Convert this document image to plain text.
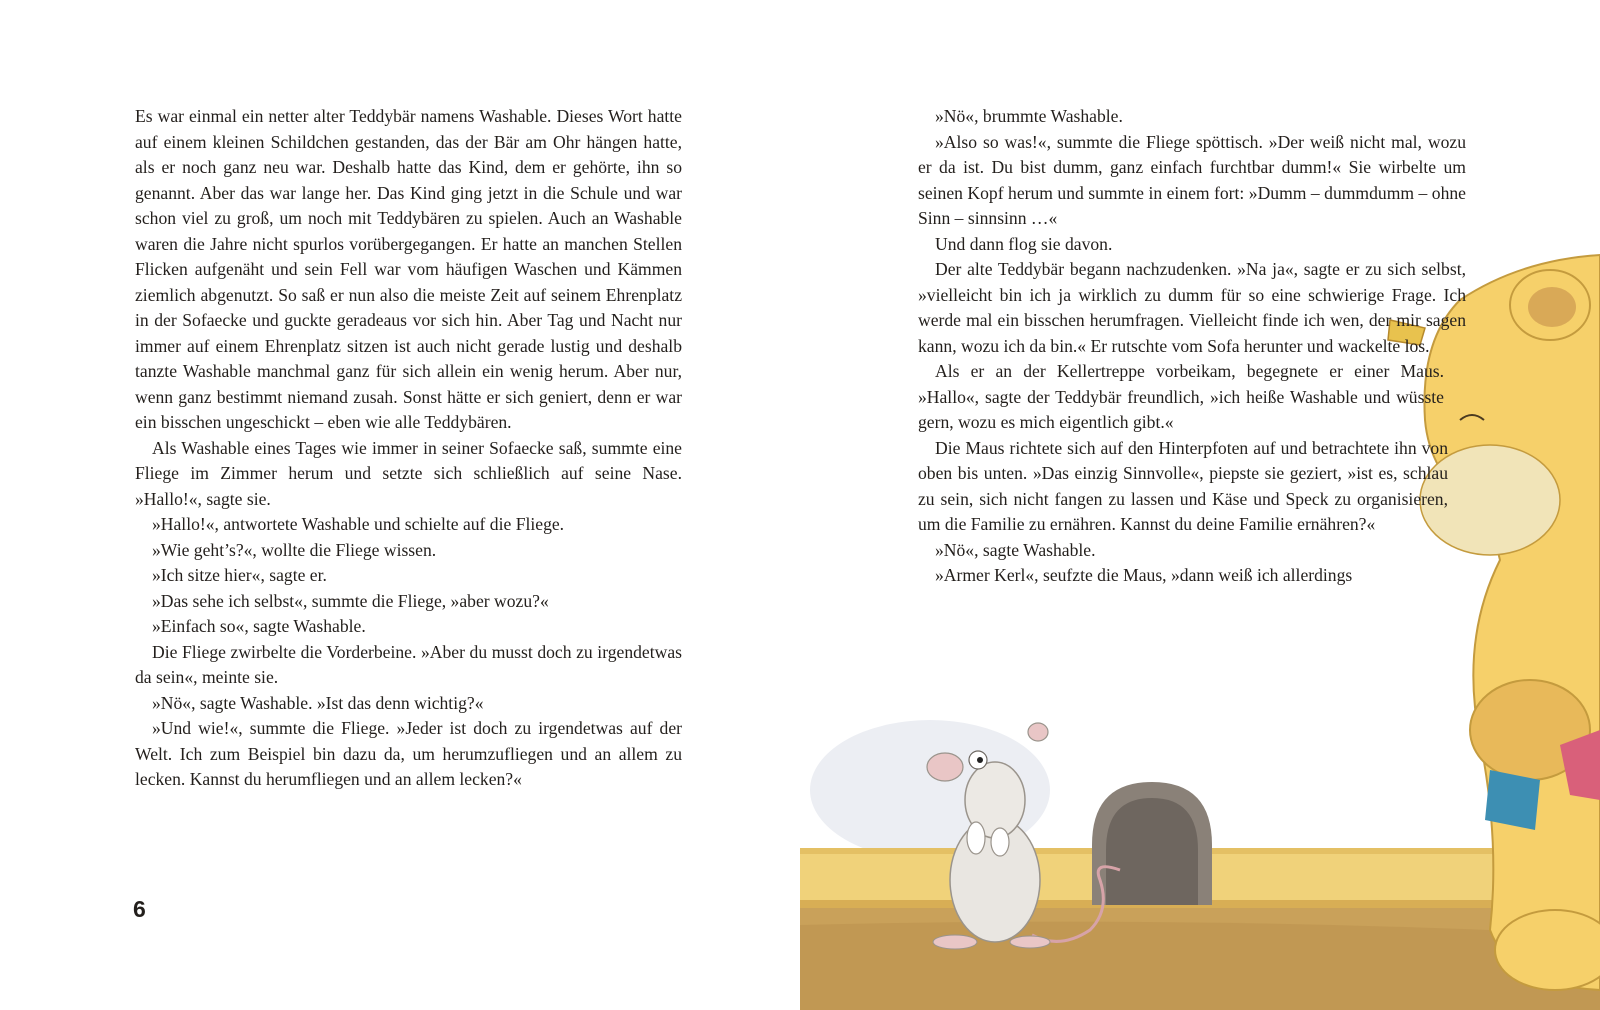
Es war einmal ein netter alter Teddybär namens Washable. Dieses Wort hatte auf einem kleinen Schildchen gestanden, das der Bär am Ohr hängen hatte, als er noch ganz neu war. Deshalb hatte das Kind, dem er gehörte, ihn so genannt. Aber das war lange her. Das Kind ging jetzt in die Schule und war schon viel zu groß, um noch mit Teddybären zu spielen. Auch an Washable waren die Jahre nicht spurlos vorübergegangen. Er hatte an manchen Stellen Flicken aufgenäht und sein Fell war vom häufigen Waschen und Kämmen ziemlich abgenutzt. So saß er nun also die meiste Zeit auf seinem Ehrenplatz in der Sofaecke und guckte geradeaus vor sich hin. Aber Tag und Nacht nur immer auf einem Ehrenplatz sitzen ist auch nicht gerade lustig und deshalb tanzte Washable manchmal ganz für sich allein ein wenig herum. Aber nur, wenn ganz bestimmt niemand zusah. Sonst hätte er sich geniert, denn er war ein bisschen ungeschickt – eben wie alle Teddybären.

Als Washable eines Tages wie immer in seiner Sofaecke saß, summte eine Fliege im Zimmer herum und setzte sich schließlich auf seine Nase. »Hallo!«, sagte sie.

»Hallo!«, antwortete Washable und schielte auf die Fliege.

»Wie geht’s?«, wollte die Fliege wissen.

»Ich sitze hier«, sagte er.

»Das sehe ich selbst«, summte die Fliege, »aber wozu?«

»Einfach so«, sagte Washable.

Die Fliege zwirbelte die Vorderbeine. »Aber du musst doch zu irgendetwas da sein«, meinte sie.

»Nö«, sagte Washable. »Ist das denn wichtig?«

»Und wie!«, summte die Fliege. »Jeder ist doch zu irgendetwas auf der Welt. Ich zum Beispiel bin dazu da, um herumzufliegen und an allem zu lecken. Kannst du herumfliegen und an allem lecken?«

6

»Nö«, brummte Washable.

»Also so was!«, summte die Fliege spöttisch. »Der weiß nicht mal, wozu er da ist. Du bist dumm, ganz einfach furchtbar dumm!« Sie wirbelte um seinen Kopf herum und summte in einem fort: »Dumm – dummdumm – ohne Sinn – sinnsinn …«

Und dann flog sie davon.

Der alte Teddybär begann nachzudenken. »Na ja«, sagte er zu sich selbst, »vielleicht bin ich ja wirklich zu dumm für so eine schwierige Frage. Ich werde mal ein bisschen herumfragen. Vielleicht finde ich wen, der mir sagen kann, wozu ich da bin.« Er rutschte vom Sofa herunter und wackelte los.

Als er an der Kellertreppe vorbeikam, begegnete er einer Maus. »Hallo«, sagte der Teddybär freundlich, »ich heiße Washable und wüsste gern, wozu es mich eigentlich gibt.«

Die Maus richtete sich auf den Hinterpfoten auf und betrachtete ihn von oben bis unten. »Das einzig Sinnvolle«, piepste sie geziert, »ist es, schlau zu sein, sich nicht fangen zu lassen und Käse und Speck zu organisieren, um die Familie zu ernähren. Kannst du deine Familie ernähren?«

»Nö«, sagte Washable.

»Armer Kerl«, seufzte die Maus, »dann weiß ich allerdings
